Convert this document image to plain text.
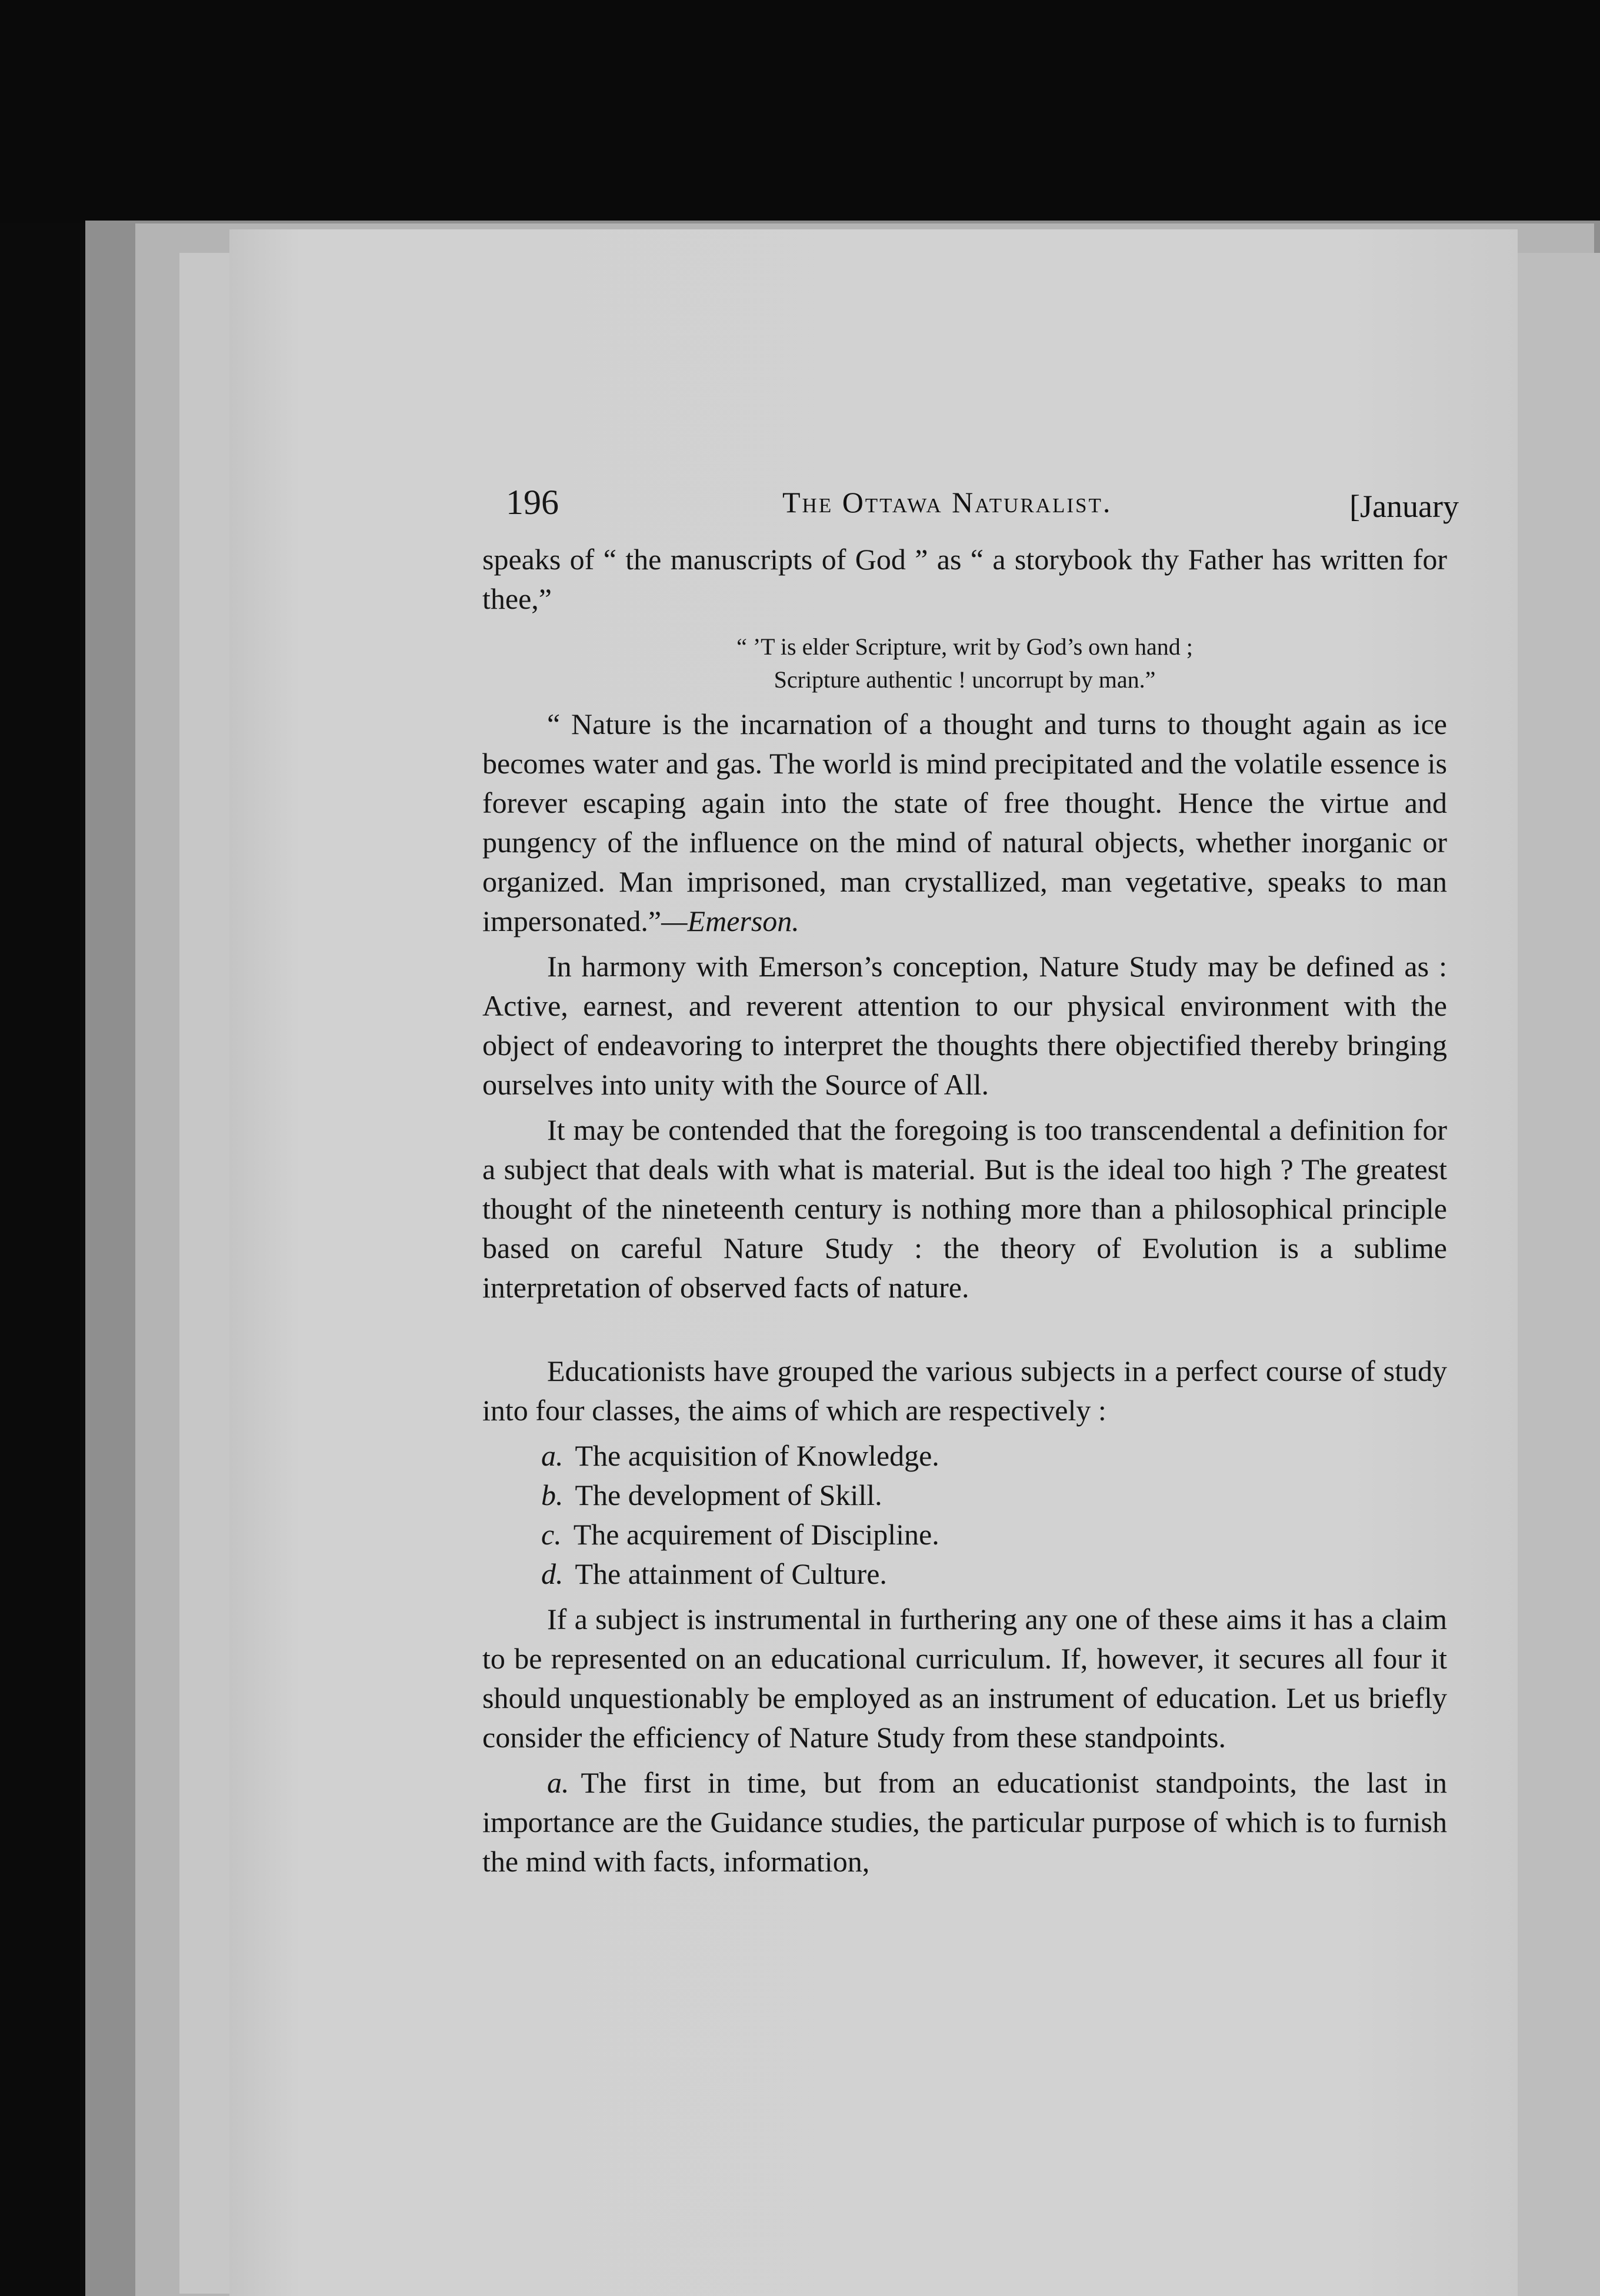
196	The Ottawa Naturalist.	[January

speaks of “ the manuscripts of God ” as “ a storybook thy Father has written for thee,”

“ ’T is elder Scripture, writ by God’s own hand ;
Scripture authentic ! uncorrupt by man.”

“ Nature is the incarnation of a thought and turns to thought again as ice becomes water and gas. The world is mind precipitated and the volatile essence is forever escaping again into the state of free thought. Hence the virtue and pungency of the influence on the mind of natural objects, whether inorganic or organized. Man imprisoned, man crystallized, man vegetative, speaks to man impersonated.”—Emerson.

In harmony with Emerson’s conception, Nature Study may be defined as : Active, earnest, and reverent attention to our physical environment with the object of endeavoring to interpret the thoughts there objectified thereby bringing ourselves into unity with the Source of All.

It may be contended that the foregoing is too transcendental a definition for a subject that deals with what is material. But is the ideal too high ? The greatest thought of the nineteenth century is nothing more than a philosophical principle based on careful Nature Study : the theory of Evolution is a sublime interpretation of observed facts of nature.

Educationists have grouped the various subjects in a perfect course of study into four classes, the aims of which are respectively :

a. The acquisition of Knowledge.
b. The development of Skill.
c. The acquirement of Discipline.
d. The attainment of Culture.

If a subject is instrumental in furthering any one of these aims it has a claim to be represented on an educational curriculum. If, however, it secures all four it should unquestionably be employed as an instrument of education. Let us briefly consider the efficiency of Nature Study from these standpoints.

a. The first in time, but from an educationist standpoints, the last in importance are the Guidance studies, the particular purpose of which is to furnish the mind with facts, information,
